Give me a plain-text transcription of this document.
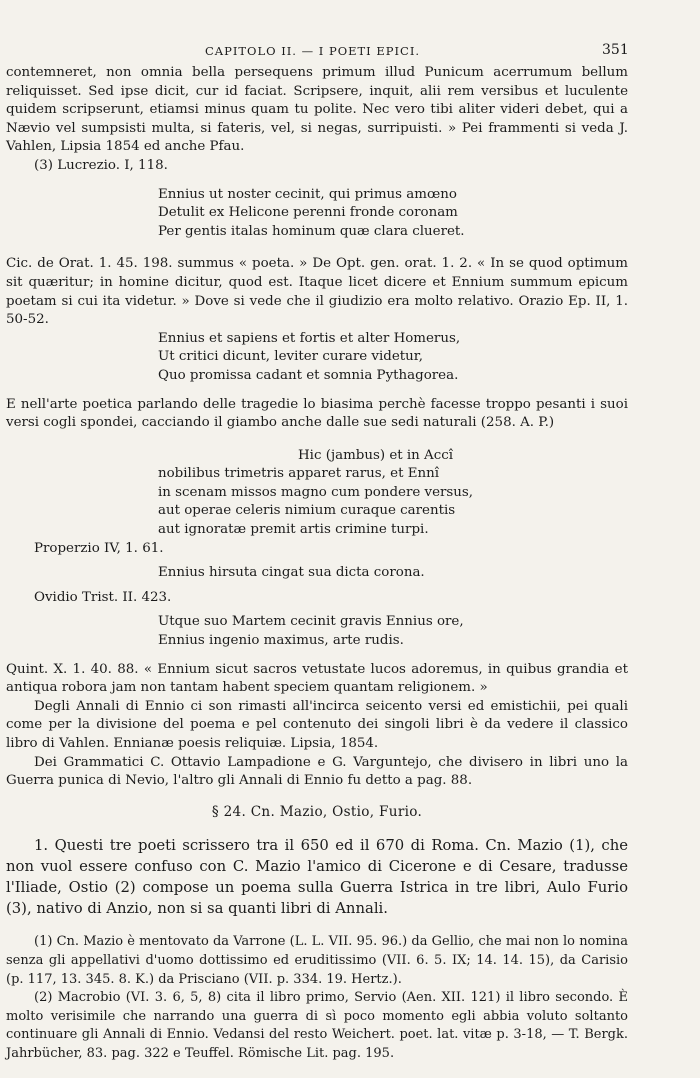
CAPITOLO II. — I POETI EPICI.	351

contemneret, non omnia bella persequens primum illud Punicum acerrumum bellum reliquisset. Sed ipse dicit, cur id faciat. Scripsere, inquit, alii rem versibus et luculente quidem scripserunt, etiamsi minus quam tu polite. Nec vero tibi aliter videri debet, qui a Nævio vel sumpsisti multa, si fateris, vel, si negas, surripuisti. » Pei frammenti si veda J. Vahlen, Lipsia 1854 ed anche Pfau.

(3) Lucrezio. I, 118.

Ennius ut noster cecinit, qui primus amœno
Detulit ex Helicone perenni fronde coronam
Per gentis italas hominum quæ clara clueret.

Cic. de Orat. 1. 45. 198. summus « poeta. » De Opt. gen. orat. 1. 2. « In se quod optimum sit quæritur; in homine dicitur, quod est. Itaque licet dicere et Ennium summum epicum poetam si cui ita videtur. » Dove si vede che il giudizio era molto relativo. Orazio Ep. II, 1. 50-52.

Ennius et sapiens et fortis et alter Homerus,
Ut critici dicunt, leviter curare videtur,
Quo promissa cadant et somnia Pythagorea.

E nell'arte poetica parlando delle tragedie lo biasima perchè facesse troppo pesanti i suoi versi cogli spondei, cacciando il giambo anche dalle sue sedi naturali (258. A. P.)

Hic (jambus) et in Accî
nobilibus trimetris apparet rarus, et Ennî
in scenam missos magno cum pondere versus,
aut operae celeris nimium curaque carentis
aut ignoratæ premit artis crimine turpi.

Properzio IV, 1. 61.

Ennius hirsuta cingat sua dicta corona.

Ovidio Trist. II. 423.

Utque suo Martem cecinit gravis Ennius ore,
Ennius ingenio maximus, arte rudis.

Quint. X. 1. 40. 88. « Ennium sicut sacros vetustate lucos adoremus, in quibus grandia et antiqua robora jam non tantam habent speciem quantam religionem. »

Degli Annali di Ennio ci son rimasti all'incirca seicento versi ed emistichii, pei quali come per la divisione del poema e pel contenuto dei singoli libri è da vedere il classico libro di Vahlen. Ennianæ poesis reliquiæ. Lipsia, 1854.

Dei Grammatici C. Ottavio Lampadione e G. Varguntejo, che divisero in libri uno la Guerra punica di Nevio, l'altro gli Annali di Ennio fu detto a pag. 88.

§ 24. Cn. Mazio, Ostio, Furio.

1. Questi tre poeti scrissero tra il 650 ed il 670 di Roma. Cn. Mazio (1), che non vuol essere confuso con C. Mazio l'amico di Cicerone e di Cesare, tradusse l'Iliade, Ostio (2) compose un poema sulla Guerra Istrica in tre libri, Aulo Furio (3), nativo di Anzio, non si sa quanti libri di Annali.

(1) Cn. Mazio è mentovato da Varrone (L. L. VII. 95. 96.) da Gellio, che mai non lo nomina senza gli appellativi d'uomo dottissimo ed eruditissimo (VII. 6. 5. IX; 14. 14. 15), da Carisio (p. 117, 13. 345. 8. K.) da Prisciano (VII. p. 334. 19. Hertz.).

(2) Macrobio (VI. 3. 6, 5, 8) cita il libro primo, Servio (Aen. XII. 121) il libro secondo. È molto verisimile che narrando una guerra di sì poco momento egli abbia voluto soltanto continuare gli Annali di Ennio. Vedansi del resto Weichert. poet. lat. vitæ p. 3-18, — T. Bergk. Jahrbücher, 83. pag. 322 e Teuffel. Römische Lit. pag. 195.
